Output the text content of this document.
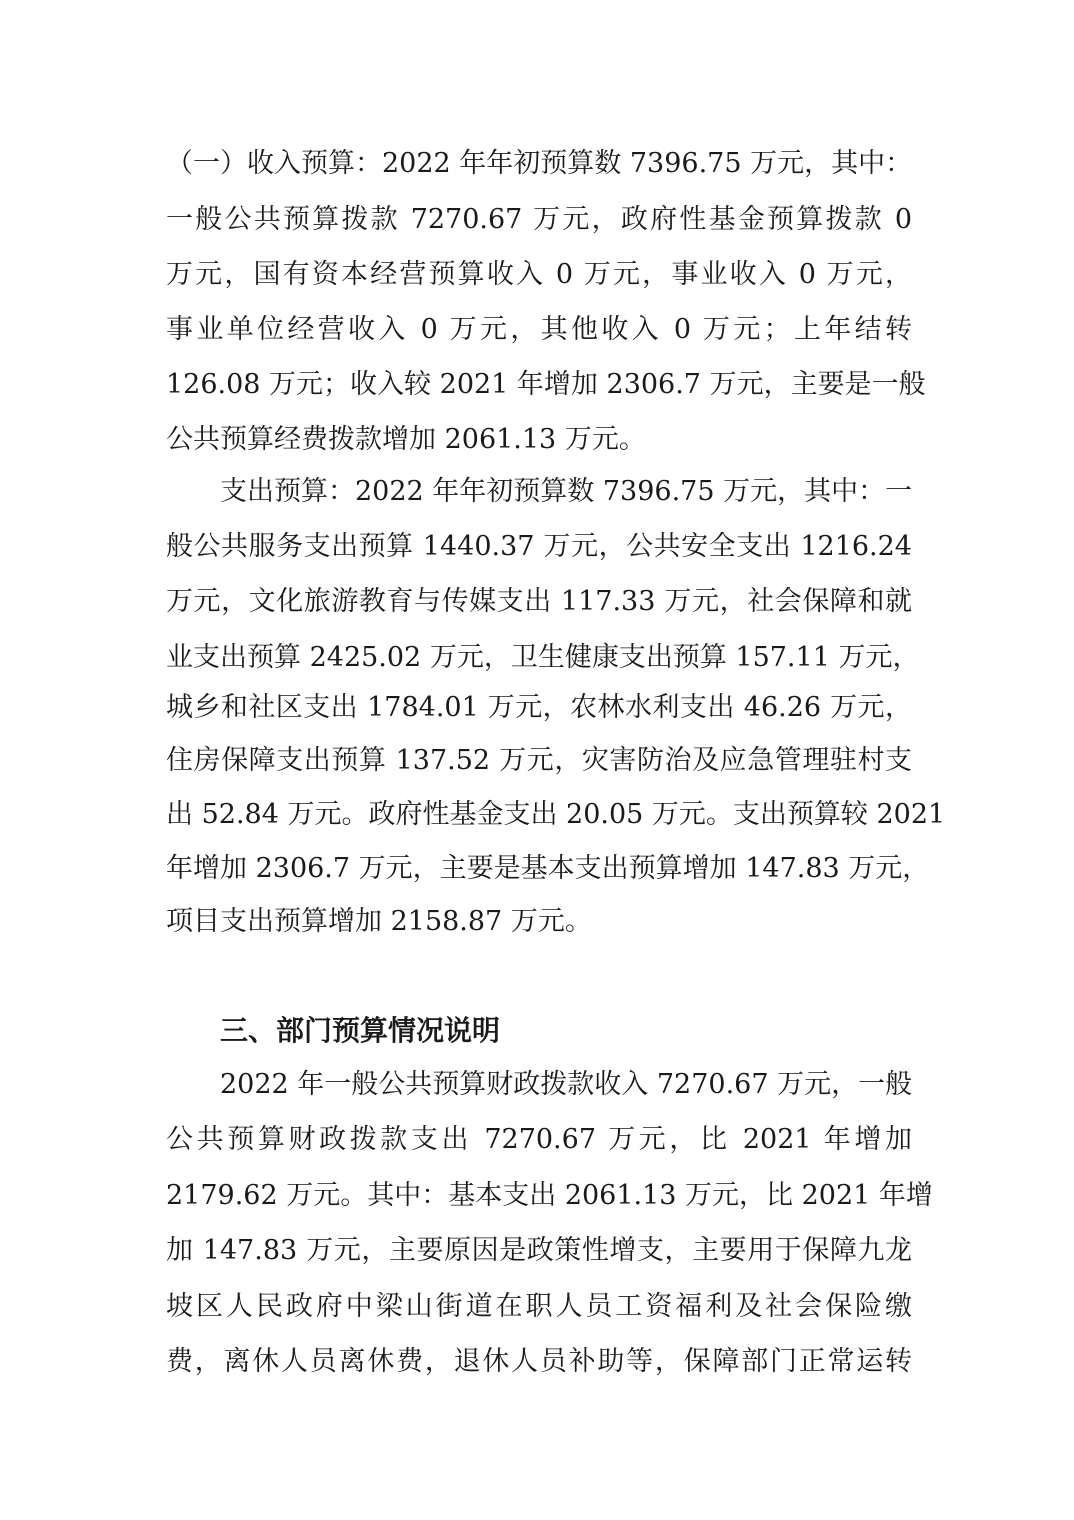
（一）收入预算：2022 年年初预算数 7396.75 万元，其中：
一般公共预算拨款 7270.67 万元，政府性基金预算拨款 0
万元，国有资本经营预算收入 0 万元，事业收入 0 万元，
事业单位经营收入 0 万元，其他收入 0 万元；上年结转
126.08 万元；收入较 2021 年增加 2306.7 万元，主要是一般
公共预算经费拨款增加 2061.13 万元。
支出预算：2022 年年初预算数 7396.75 万元，其中：一
般公共服务支出预算 1440.37 万元，公共安全支出 1216.24
万元，文化旅游教育与传媒支出 117.33 万元，社会保障和就
业支出预算 2425.02 万元，卫生健康支出预算 157.11 万元，
城乡和社区支出 1784.01 万元，农林水利支出 46.26 万元，
住房保障支出预算 137.52 万元，灾害防治及应急管理驻村支
出 52.84 万元。政府性基金支出 20.05 万元。支出预算较 2021
年增加 2306.7 万元，主要是基本支出预算增加 147.83 万元，
项目支出预算增加 2158.87 万元。
三、部门预算情况说明
2022 年一般公共预算财政拨款收入 7270.67 万元，一般
公共预算财政拨款支出 7270.67 万元，比 2021 年增加
2179.62 万元。其中：基本支出 2061.13 万元，比 2021 年增
加 147.83 万元，主要原因是政策性增支，主要用于保障九龙
坡区人民政府中梁山街道在职人员工资福利及社会保险缴
费，离休人员离休费，退休人员补助等，保障部门正常运转
